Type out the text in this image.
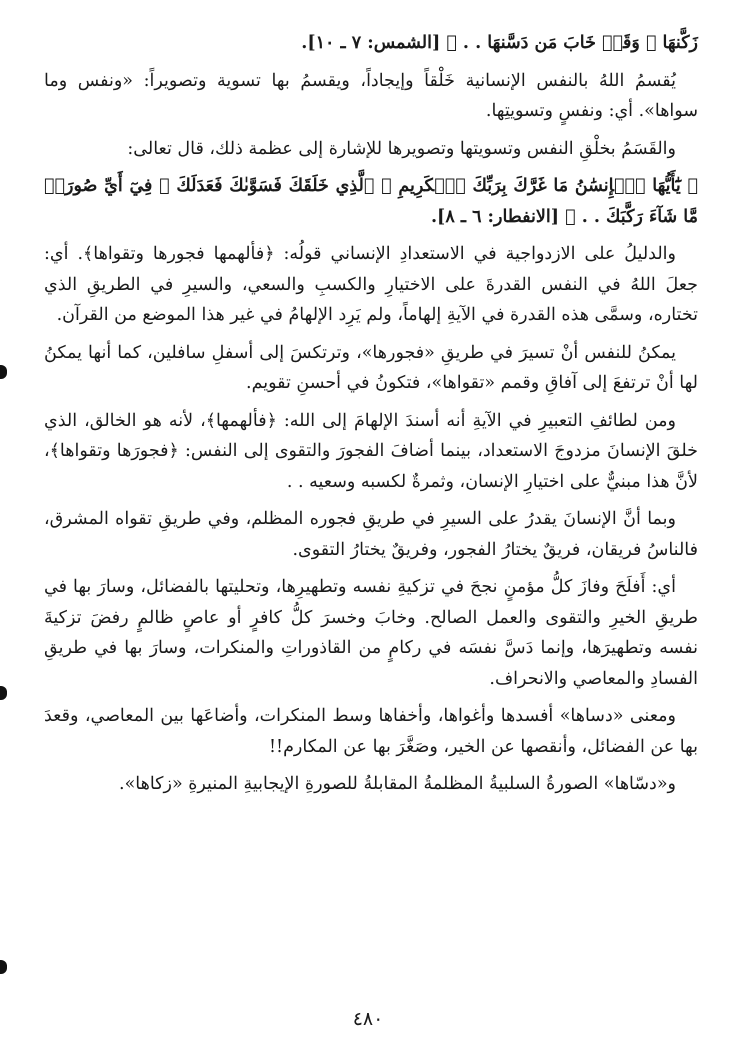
زَكَّنهَا ﴾ وَقَدۡ خَابَ مَن دَسَّنهَا . . ﴾ [الشمس: ٧ ـ ١٠].

يُقسمُ اللهُ بالنفس الإنسانية خَلْقاً وإيجاداً، ويقسمُ بها تسوية وتصويراً: «ونفس وما سواها». أي: ونفسٍ وتسويتِها.

والقَسَمُ بخلْقِ النفس وتسويتها وتصويرها للإشارة إلى عظمة ذلك، قال تعالى:

﴿ يَٰٓأَيُّهَا ٱلۡإِنسَٰنُ مَا غَرَّكَ بِرَبِّكَ ٱلۡكَرِيمِ ۞ ٱلَّذِي خَلَقَكَ فَسَوَّىٰكَ فَعَدَلَكَ ۞ فِيٓ أَيِّ صُورَةٖ مَّا شَآءَ رَكَّبَكَ . . ﴾ [الانفطار: ٦ ـ ٨].

والدليلُ على الازدواجية في الاستعدادِ الإنساني قولُه: ﴿فألهمها فجورها وتقواها﴾. أي: جعلَ اللهُ في النفس القدرةَ على الاختيارِ والكسبِ والسعي، والسيرِ في الطريقِ الذي تختاره، وسمَّى هذه القدرة في الآيةِ إلهاماً، ولم يَرِد الإلهامُ في غير هذا الموضع من القرآن.

يمكنُ للنفس أنْ تسيرَ في طريقِ «فجورها»، وترتكسَ إلى أسفلِ سافلين، كما أنها يمكنُ لها أنْ ترتفعَ إلى آفاقِ وقمم «تقواها»، فتكونُ في أحسنِ تقويم.

ومن لطائفِ التعبيرِ في الآيةِ أنه أسندَ الإلهامَ إلى الله: ﴿فألهمها﴾، لأنه هو الخالق، الذي خلقَ الإنسانَ مزدوجَ الاستعداد، بينما أضافَ الفجورَ والتقوى إلى النفس: ﴿فجورَها وتقواها﴾، لأنَّ هذا مبنيٌّ على اختيارِ الإنسان، وثمرةٌ لكسبه وسعيه . .

وبما أنَّ الإنسانَ يقدرُ على السيرِ في طريقِ فجوره المظلم، وفي طريقِ تقواه المشرق، فالناسُ فريقان، فريقٌ يختارُ الفجور، وفريقٌ يختارُ التقوى.

أي: أَفلَحَ وفازَ كلُّ مؤمنٍ نجحَ في تزكيةِ نفسه وتطهيرِها، وتحليتها بالفضائل، وسارَ بها في طريقِ الخيرِ والتقوى والعمل الصالح. وخابَ وخسرَ كلُّ كافرٍ أو عاصٍ ظالمٍ رفضَ تزكيةَ نفسه وتطهيرَها، وإنما دَسَّ نفسَه في ركامٍ من القاذوراتِ والمنكرات، وسارَ بها في طريقِ الفسادِ والمعاصي والانحراف.

ومعنى «دساها» أفسدها وأغواها، وأخفاها وسط المنكرات، وأضاعَها بين المعاصي، وقعدَ بها عن الفضائل، وأنقصها عن الخير، وصَغَّرَ بها عن المكارم!!

و«دسّاها» الصورةُ السلبيةُ المظلمةُ المقابلةُ للصورةِ الإيجابيةِ المنيرةِ «زكاها».

٤٨٠
